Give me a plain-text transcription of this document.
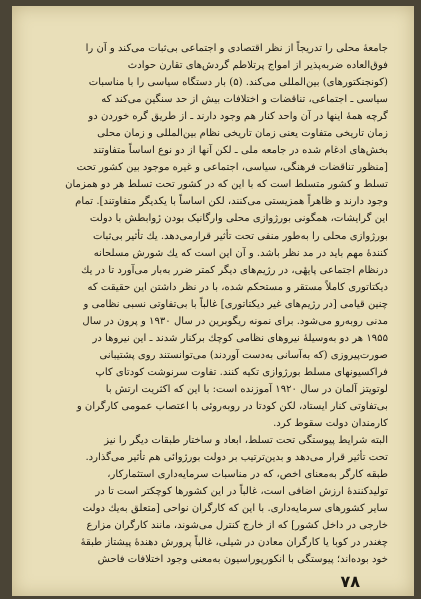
جامعهٔ محلی را تدریجاً از نظر اقتصادی و اجتماعی بی‌ثبات می‌کند و آن را
فوق‌العاده ضربه‌پذیر از امواج پرتلاطم گردش‌های تقارن حوادث
(کونجنکتورهای) بین‌المللی می‌کند. (۵) بار دستگاه سیاسی را با مناسبات
سیاسی ـ اجتماعی، تناقضات و اختلافات بیش از حد سنگین می‌کند که
گرچه همهٔ اینها در آن واحد کنار هم وجود دارند ـ از طریق گره خوردن دو
زمان تاریخی متفاوت یعنی زمان تاریخی نظام بین‌المللی و زمان محلی
بخش‌های ادغام شده در جامعه ملی ـ لکن آنها از دو نوع اساساً متفاوتند
[منظور تناقضات فرهنگی، سیاسی، اجتماعی و غیره موجود بین کشور تحت
تسلط و کشور متسلط است که با این که در کشور تحت تسلط هر دو همزمان
وجود دارند و ظاهراً همزیستی می‌کنند، لکن اساساً با یکدیگر متفاوتند]. تمام
این گرایشات، همگونی بورژوازی محلی وارگانیک بودن رٔوابطش با دولت
بورژوازی محلی را به‌طور منفی تحت تأثیر قرارمی‌دهد. یك تأثیر بی‌ثبات
کنندهٔ مهم باید در مد نظر باشد. و آن این است که یك شورش مسلحانه
درنظام اجتماعی پایهٔی، در رژیم‌های دیگر کمتر ضرر به‌بار می‌آورد تا در یك
دیکتاتوری کاملاً مستقر و مستحکم شده، با در نظر داشتن این حقیقت که
چنین قیامی [در رژیم‌های غیر دیکتاتوری] غالباً با بی‌تفاوتی نسبی نظامی و
مدنی روبه‌رو می‌شود. برای نمونه ریگوبرین در سال ۱۹۳۰ و پرون در سال
۱۹۵۵ هر دو به‌وسیلهٔ نیروهای نظامی کوچك برکنار شدند ـ این نیروها در
صورت‌پیروزی (که به‌آسانی به‌دست آوردند) می‌توانستند روی پشتیبانی
فراکسیونهای مسلط بورژوازی تکیه کنند. تفاوت سرنوشت کودتای کاپ
لوتویتز آلمان در سال ۱۹۲۰ آموزنده است: با این که اکثریت ارتش با
بی‌تفاوتی کنار ایستاد، لکن کودتا در روبه‌روئی با اعتصاب عمومی کارگران و
کارمندان دولت سقوط کرد.
البته شرایط پیوستگی تحت تسلط، ابعاد و ساختار طبقات دیگر را نیز
تحت تأثیر قرار می‌دهد و بدین‌ترتیب بر دولت بورژوائی هم تأثیر می‌گذارد.
طبقه کارگر به‌معنای اخص، که در مناسبات سرمایه‌داری استثمارکار،
تولیدکنندهٔ ارزش اضافی است، غالباً در این کشورها کوچکتر است تا در
سایر کشورهای سرمایه‌داری. با این که کارگران نواحی [متعلق به‌یك دولت
خارجی در داخل کشور] که از خارج کنترل می‌شوند، مانند کارگران مزارع
چغندر در کوبا یا کارگران معادن در شیلی، غالباً پرورش دهندهٔ پیشتاز طبقهٔ
خود بوده‌اند؛ پیوستگی با انکورپوراسیون به‌معنی وجود اختلافات فاحش
۷۸
